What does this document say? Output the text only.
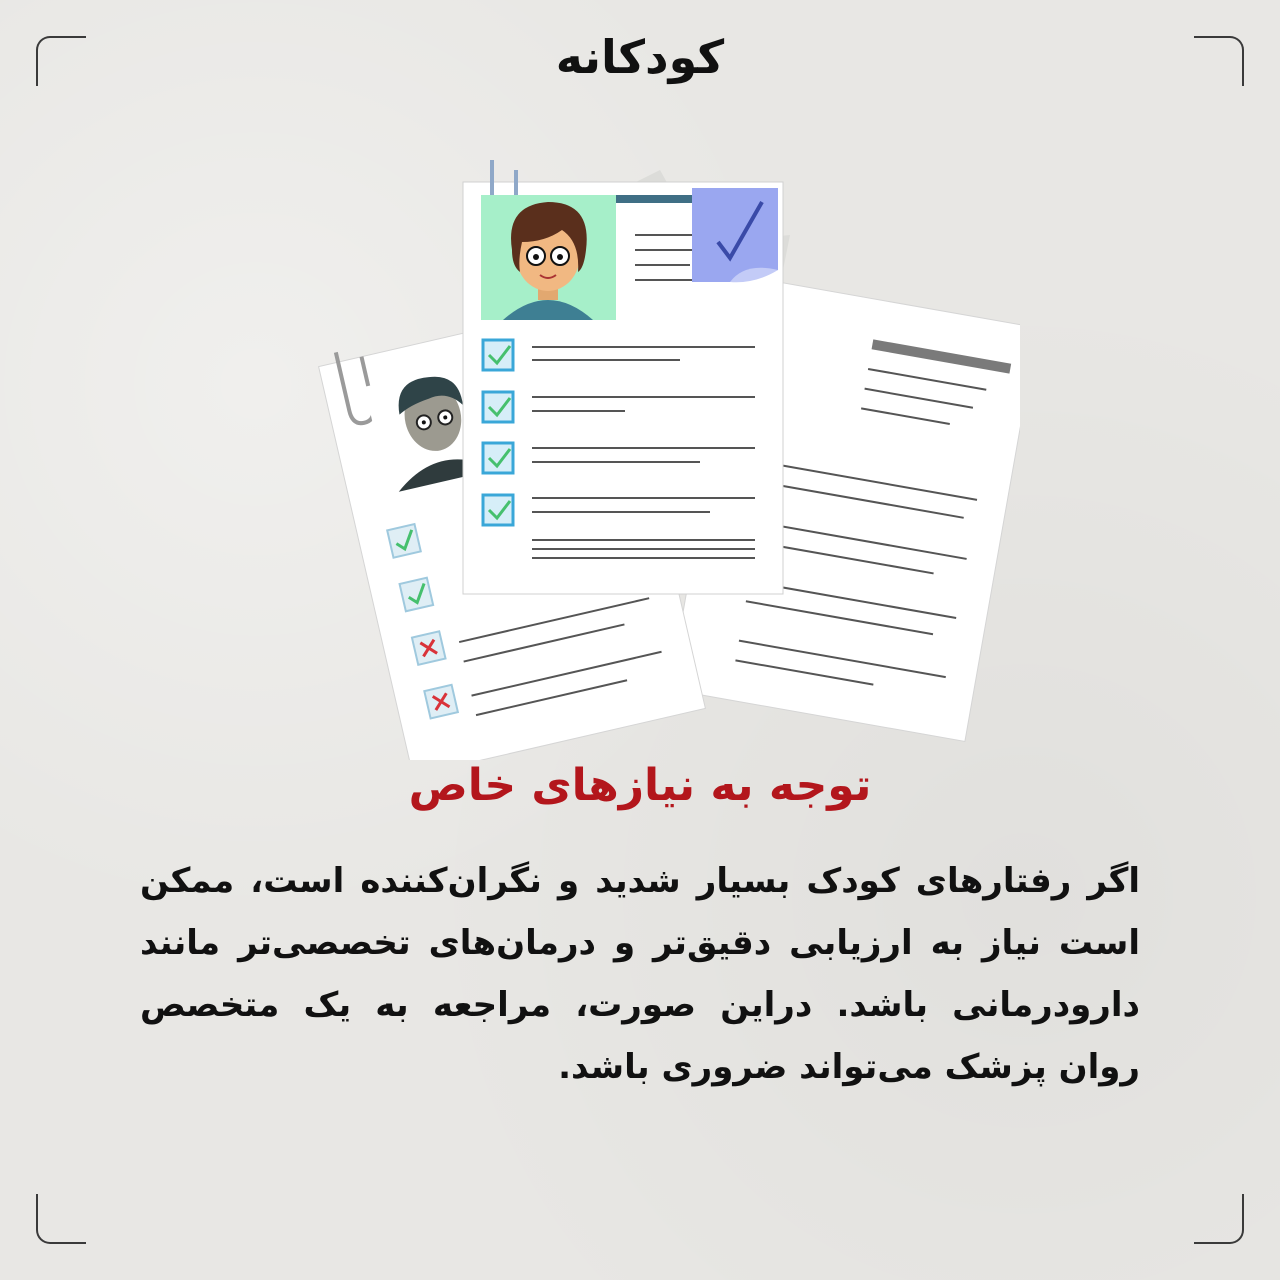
کودکانه
توجه به نیازهای خاص
اگر رفتارهای کودک بسیار شدید و نگران‌کننده است، ممکن است نیاز به ارزیابی دقیق‌تر و درمان‌های تخصصی‌تر مانند دارودرمانی باشد. دراین صورت، مراجعه به یک متخصص روان پزشک می‌تواند ضروری باشد.
